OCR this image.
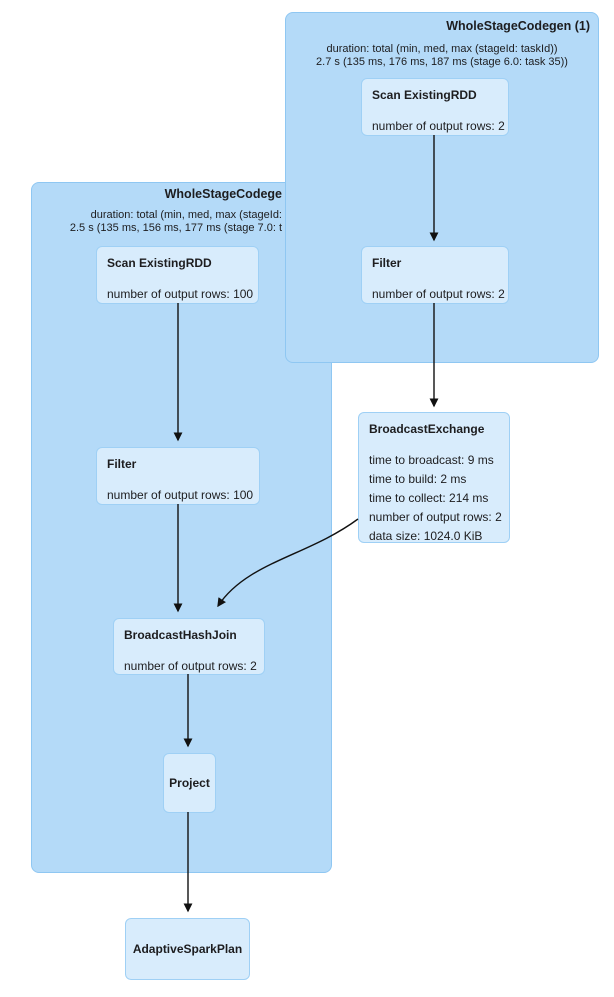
WholeStageCodege
duration: total (min, med, max (stageId:
2.5 s (135 ms, 156 ms, 177 ms (stage 7.0: t
Scan ExistingRDD
number of output rows: 100
Filter
number of output rows: 100
BroadcastHashJoin
number of output rows: 2
Project
WholeStageCodegen (1)
duration: total (min, med, max (stageId: taskId))
2.7 s (135 ms, 176 ms, 187 ms (stage 6.0: task 35))
Scan ExistingRDD
number of output rows: 2
Filter
number of output rows: 2
BroadcastExchange
time to broadcast: 9 ms
time to build: 2 ms
time to collect: 214 ms
number of output rows: 2
data size: 1024.0 KiB
AdaptiveSparkPlan
